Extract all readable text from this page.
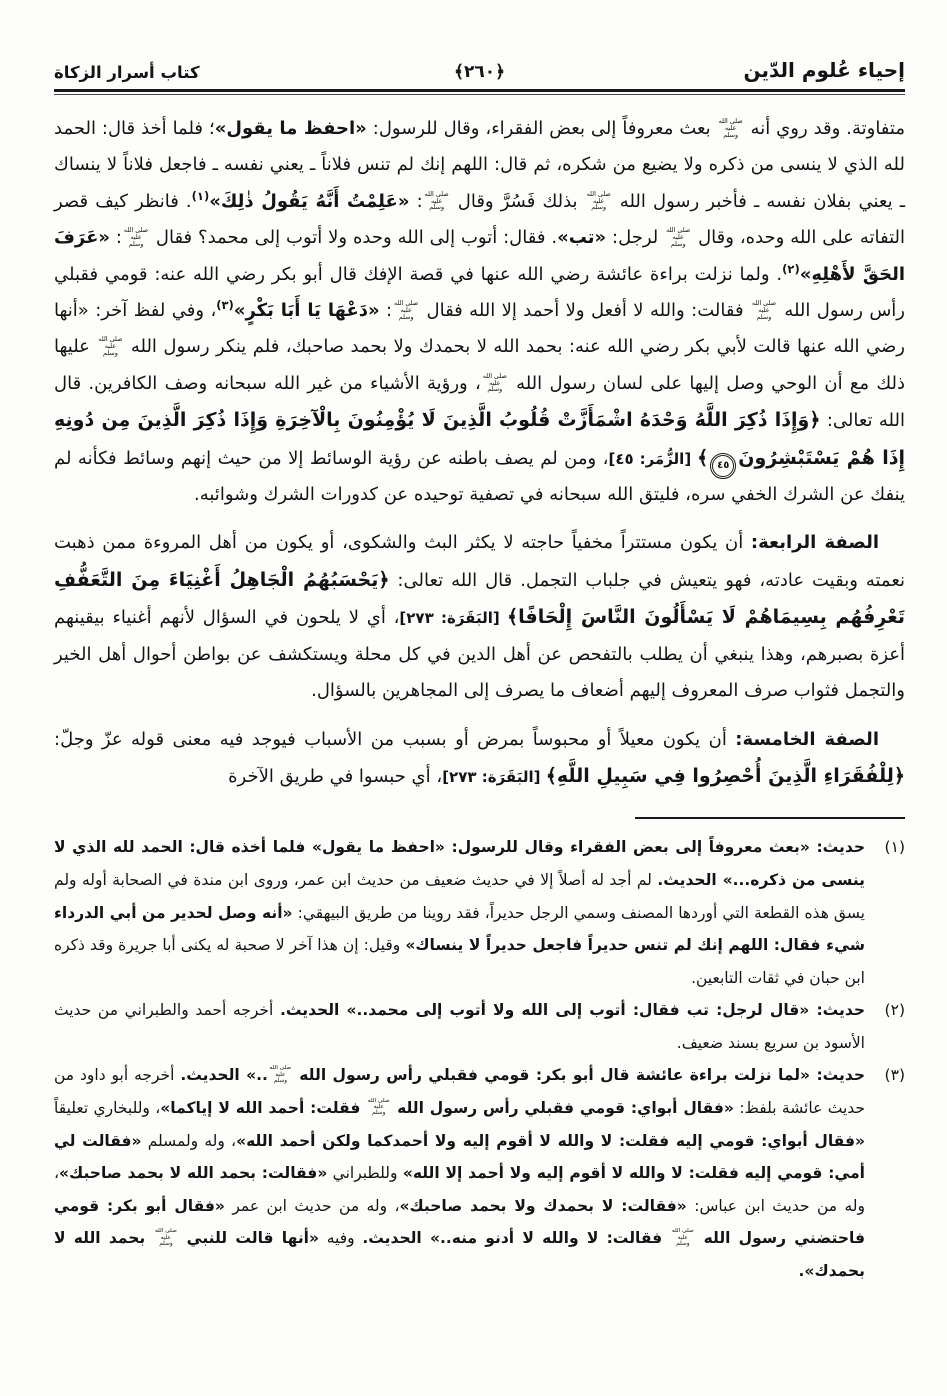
إحياء عُلوم الدّين
﴿٢٦٠﴾
كتاب أسرار الزكاة

متفاوتة. وقد روي أنه صلى الله عليه وسلم بعث معروفاً إلى بعض الفقراء، وقال للرسول: «احفظ ما يقول»؛ فلما أخذ قال: الحمد لله الذي لا ينسى من ذكره ولا يضيع من شكره، ثم قال: اللهم إنك لم تنس فلاناً ـ يعني نفسه ـ فاجعل فلاناً لا ينساك ـ يعني بفلان نفسه ـ فأخبر رسول الله صلى الله عليه وسلم بذلك فَسُرَّ وقال صلى الله عليه وسلم: «عَلِمْتُ أَنَّهُ يَقُولُ ذٰلِكَ»$^{(١)}$. فانظر كيف قصر التفاته على الله وحده، وقال صلى الله عليه وسلم لرجل: «تب». فقال: أتوب إلى الله وحده ولا أتوب إلى محمد؟ فقال صلى الله عليه وسلم: «عَرَفَ الحَقَّ لأَهْلِهِ»$^{(٢)}$. ولما نزلت براءة عائشة رضي الله عنها في قصة الإفك قال أبو بكر رضي الله عنه: قومي فقبلي رأس رسول الله صلى الله عليه وسلم فقالت: والله لا أفعل ولا أحمد إلا الله فقال صلى الله عليه وسلم: «دَعْهَا يَا أَبَا بَكْرٍ»$^{(٣)}$، وفي لفظ آخر: «أنها رضي الله عنها قالت لأبي بكر رضي الله عنه: بحمد الله لا بحمدك ولا بحمد صاحبك، فلم ينكر رسول الله صلى الله عليه وسلم عليها ذلك مع أن الوحي وصل إليها على لسان رسول الله صلى الله عليه وسلم، ورؤية الأشياء من غير الله سبحانه وصف الكافرين. قال الله تعالى: ﴿وَإِذَا ذُكِرَ اللَّهُ وَحْدَهُ اشْمَأَزَّتْ قُلُوبُ الَّذِينَ لَا يُؤْمِنُونَ بِالْآخِرَةِ وَإِذَا ذُكِرَ الَّذِينَ مِن دُونِهِ إِذَا هُمْ يَسْتَبْشِرُونَ٤٥﴾ [الزُّمَر: ٤٥]، ومن لم يصف باطنه عن رؤية الوسائط إلا من حيث إنهم وسائط فكأنه لم ينفك عن الشرك الخفي سره، فليتق الله سبحانه في تصفية توحيده عن كدورات الشرك وشوائبه.

الصفة الرابعة: أن يكون مستتراً مخفياً حاجته لا يكثر البث والشكوى، أو يكون من أهل المروءة ممن ذهبت نعمته وبقيت عادته، فهو يتعيش في جلباب التجمل. قال الله تعالى: ﴿يَحْسَبُهُمُ الْجَاهِلُ أَغْنِيَاءَ مِنَ التَّعَفُّفِ تَعْرِفُهُم بِسِيمَاهُمْ لَا يَسْأَلُونَ النَّاسَ إِلْحَافًا﴾ [البَقَرَة: ٢٧٣]، أي لا يلحون في السؤال لأنهم أغنياء بيقينهم أعزة بصبرهم، وهذا ينبغي أن يطلب بالتفحص عن أهل الدين في كل محلة ويستكشف عن بواطن أحوال أهل الخير والتجمل فثواب صرف المعروف إليهم أضعاف ما يصرف إلى المجاهرين بالسؤال.

الصفة الخامسة: أن يكون معيلاً أو محبوساً بمرض أو بسبب من الأسباب فيوجد فيه معنى قوله عزّ وجلّ: ﴿لِلْفُقَرَاءِ الَّذِينَ أُحْصِرُوا فِي سَبِيلِ اللَّهِ﴾ [البَقَرَة: ٢٧٣]، أي حبسوا في طريق الآخرة

(١)
حديث: «بعث معروفاً إلى بعض الفقراء وقال للرسول: «احفظ ما يقول» فلما أخذه قال: الحمد لله الذي لا ينسى من ذكره...» الحديث. لم أجد له أصلاً إلا في حديث ضعيف من حديث ابن عمر، وروى ابن مندة في الصحابة أوله ولم يسق هذه القطعة التي أوردها المصنف وسمي الرجل حديراً، فقد روينا من طريق البيهقي: «أنه وصل لحدير من أبي الدرداء شيء فقال: اللهم إنك لم تنس حديراً فاجعل حديراً لا ينساك» وقيل: إن هذا آخر لا صحبة له يكنى أبا جريرة وقد ذكره ابن حبان في ثقات التابعين.
(٢)
حديث: «قال لرجل: تب فقال: أتوب إلى الله ولا أتوب إلى محمد..» الحديث. أخرجه أحمد والطبراني من حديث الأسود بن سريع بسند ضعيف.
(٣)
حديث: «لما نزلت براءة عائشة قال أبو بكر: قومي فقبلي رأس رسول الله صلى الله عليه وسلم..» الحديث. أخرجه أبو داود من حديث عائشة بلفظ: «فقال أبواي: قومي فقبلي رأس رسول الله صلى الله عليه وسلم فقلت: أحمد الله لا إياكما»، وللبخاري تعليقاً «فقال أبواي: قومي إليه فقلت: لا والله لا أقوم إليه ولا أحمدكما ولكن أحمد الله»، وله ولمسلم «فقالت لي أمي: قومي إليه فقلت: لا والله لا أقوم إليه ولا أحمد إلا الله» وللطبراني «فقالت: بحمد الله لا بحمد صاحبك»، وله من حديث ابن عباس: «فقالت: لا بحمدك ولا بحمد صاحبك»، وله من حديث ابن عمر «فقال أبو بكر: قومي فاحتضني رسول الله صلى الله عليه وسلم فقالت: لا والله لا أدنو منه..» الحديث. وفيه «أنها قالت للنبي صلى الله عليه وسلم بحمد الله لا بحمدك».
